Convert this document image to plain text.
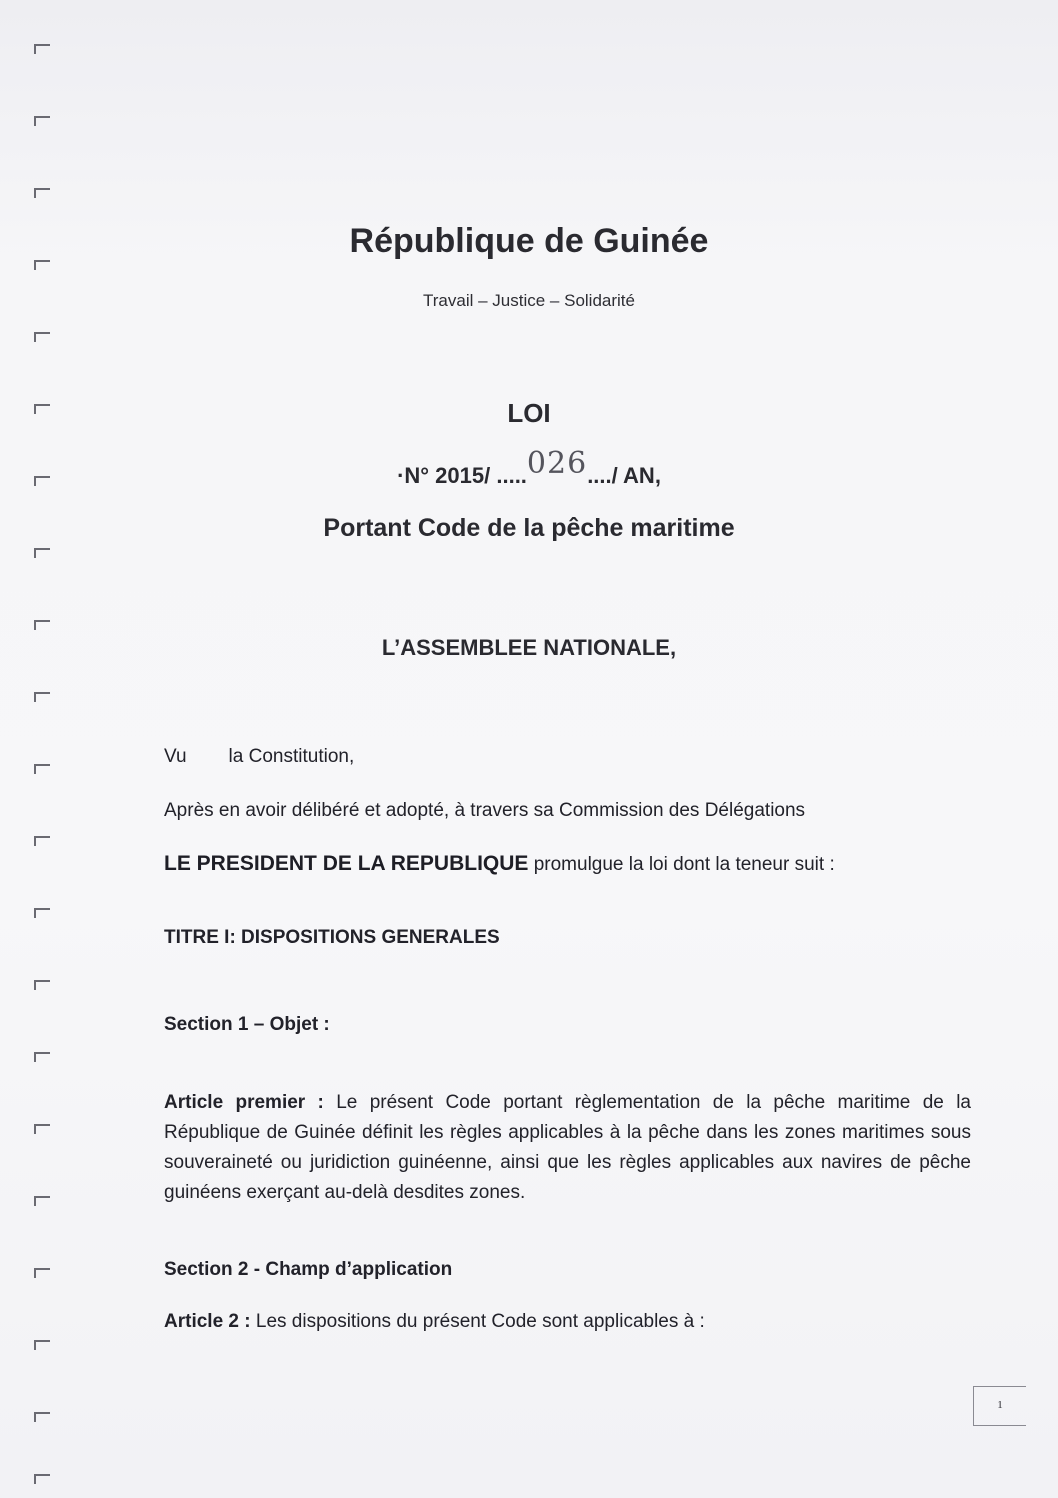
République de Guinée
Travail – Justice – Solidarité
LOI
·N° 2015/ .....026..../ AN,
Portant Code de la pêche maritime
L’ASSEMBLEE NATIONALE,
Vu la Constitution,
Après en avoir délibéré et adopté, à travers sa Commission des Délégations
LE PRESIDENT DE LA REPUBLIQUE promulgue la loi dont la teneur suit :
TITRE I: DISPOSITIONS GENERALES
Section 1 – Objet :
Article premier : Le présent Code portant règlementation de la pêche maritime de la République de Guinée définit les règles applicables à la pêche dans les zones maritimes sous souveraineté ou juridiction guinéenne, ainsi que les règles applicables aux navires de pêche guinéens exerçant au-delà desdites zones.
Section 2 - Champ d’application
Article 2 : Les dispositions du présent Code sont applicables à :
1
